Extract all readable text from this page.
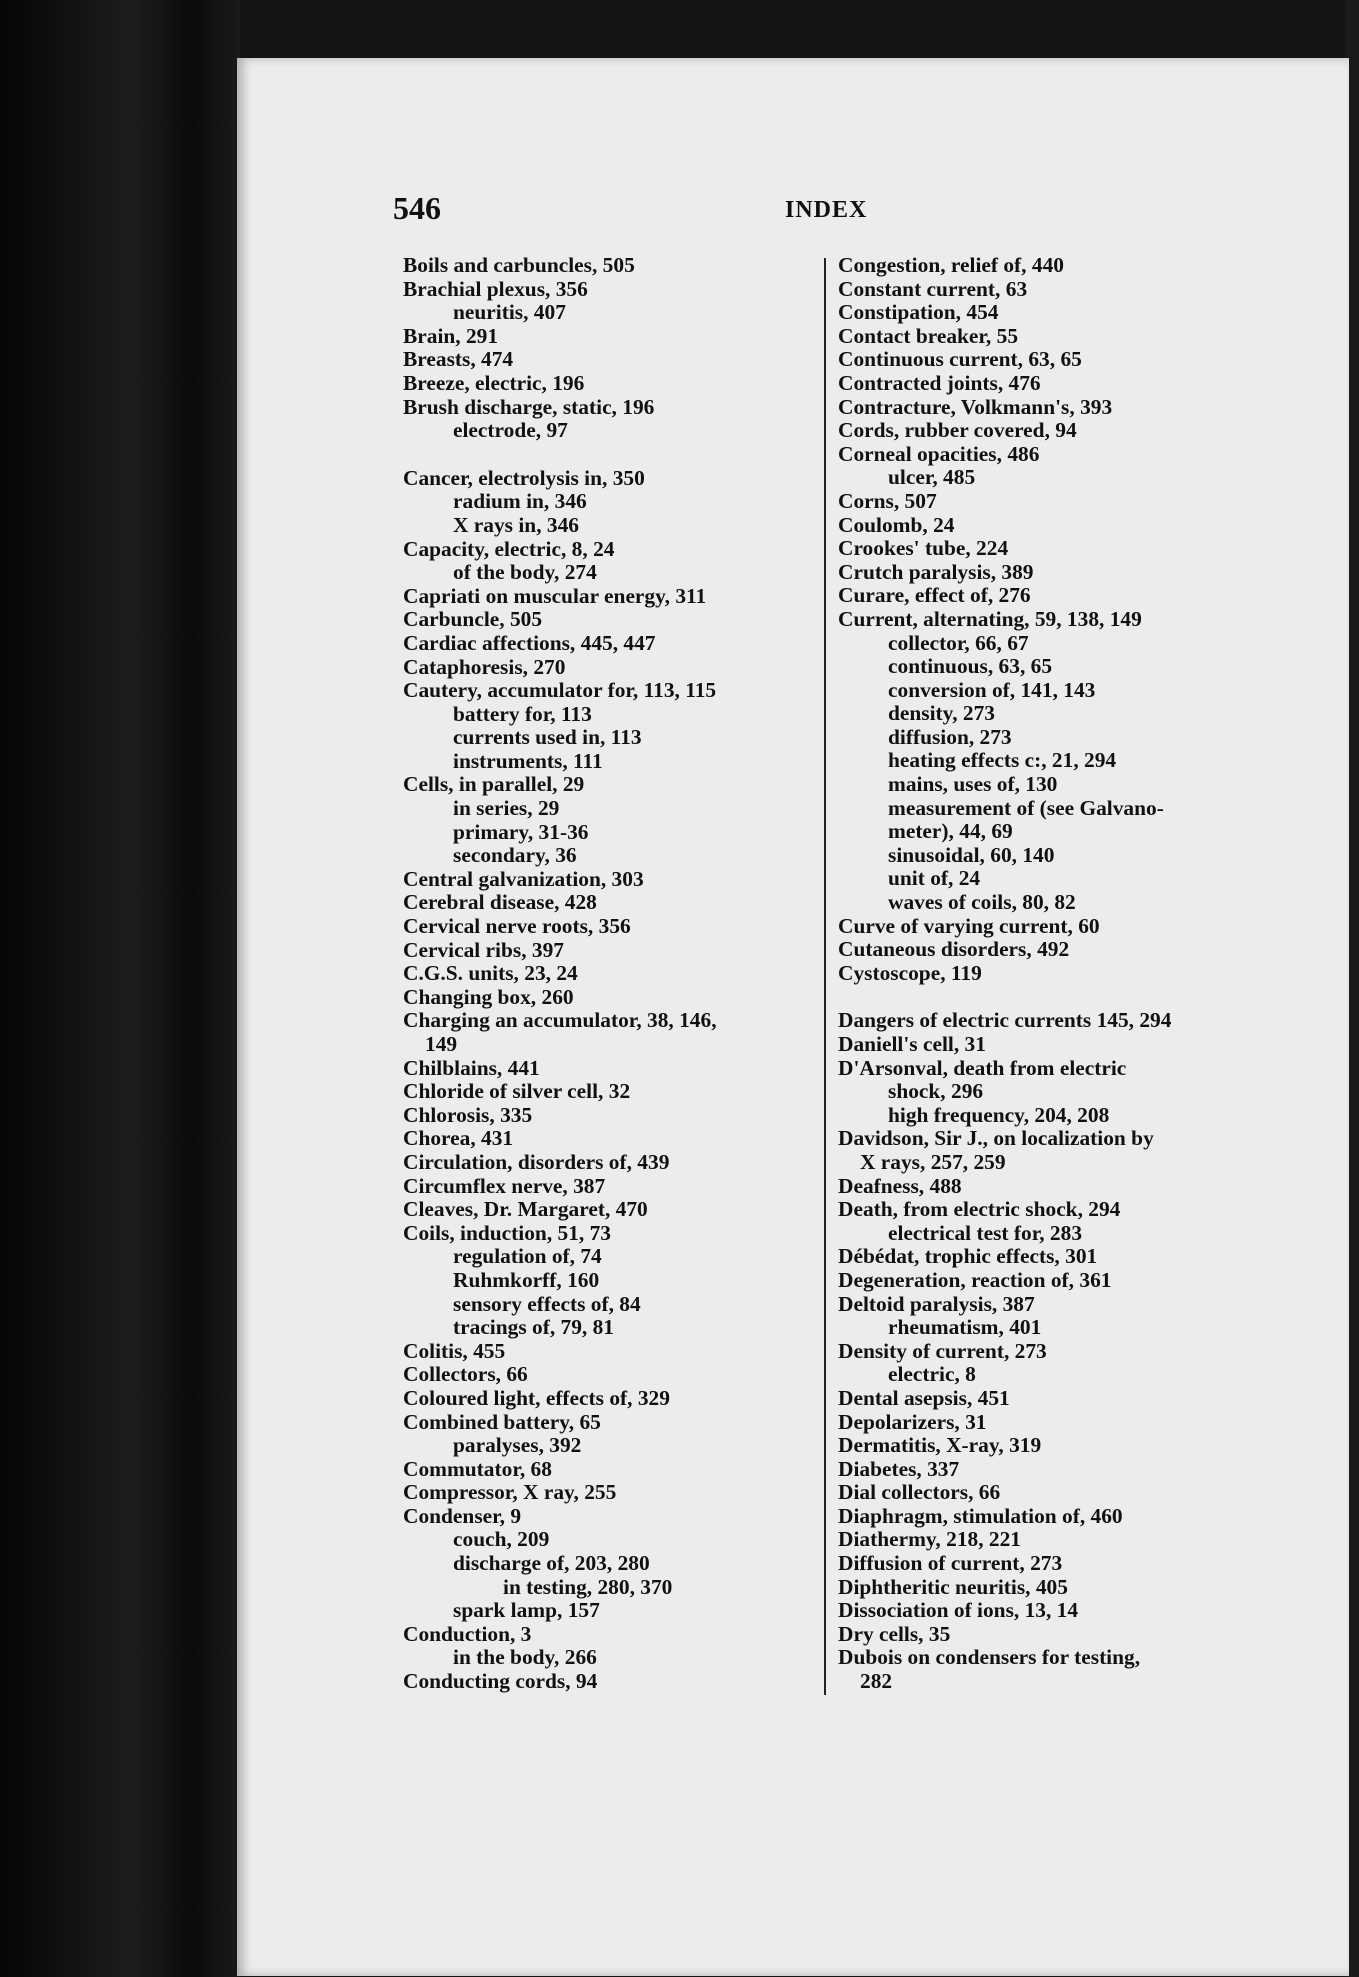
546	INDEX
Boils and carbuncles, 505
Brachial plexus, 356
neuritis, 407
Brain, 291
Breasts, 474
Breeze, electric, 196
Brush discharge, static, 196
electrode, 97
Cancer, electrolysis in, 350
radium in, 346
X rays in, 346
Capacity, electric, 8, 24
of the body, 274
Capriati on muscular energy, 311
Carbuncle, 505
Cardiac affections, 445, 447
Cataphoresis, 270
Cautery, accumulator for, 113, 115
battery for, 113
currents used in, 113
instruments, 111
Cells, in parallel, 29
in series, 29
primary, 31-36
secondary, 36
Central galvanization, 303
Cerebral disease, 428
Cervical nerve roots, 356
Cervical ribs, 397
C.G.S. units, 23, 24
Changing box, 260
Charging an accumulator, 38, 146,
149
Chilblains, 441
Chloride of silver cell, 32
Chlorosis, 335
Chorea, 431
Circulation, disorders of, 439
Circumflex nerve, 387
Cleaves, Dr. Margaret, 470
Coils, induction, 51, 73
regulation of, 74
Ruhmkorff, 160
sensory effects of, 84
tracings of, 79, 81
Colitis, 455
Collectors, 66
Coloured light, effects of, 329
Combined battery, 65
paralyses, 392
Commutator, 68
Compressor, X ray, 255
Condenser, 9
couch, 209
discharge of, 203, 280
in testing, 280, 370
spark lamp, 157
Conduction, 3
in the body, 266
Conducting cords, 94
Congestion, relief of, 440
Constant current, 63
Constipation, 454
Contact breaker, 55
Continuous current, 63, 65
Contracted joints, 476
Contracture, Volkmann's, 393
Cords, rubber covered, 94
Corneal opacities, 486
ulcer, 485
Corns, 507
Coulomb, 24
Crookes' tube, 224
Crutch paralysis, 389
Curare, effect of, 276
Current, alternating, 59, 138, 149
collector, 66, 67
continuous, 63, 65
conversion of, 141, 143
density, 273
diffusion, 273
heating effects c:, 21, 294
mains, uses of, 130
measurement of (see Galvano-
meter), 44, 69
sinusoidal, 60, 140
unit of, 24
waves of coils, 80, 82
Curve of varying current, 60
Cutaneous disorders, 492
Cystoscope, 119
Dangers of electric currents 145, 294
Daniell's cell, 31
D'Arsonval, death from electric
shock, 296
high frequency, 204, 208
Davidson, Sir J., on localization by
X rays, 257, 259
Deafness, 488
Death, from electric shock, 294
electrical test for, 283
Débédat, trophic effects, 301
Degeneration, reaction of, 361
Deltoid paralysis, 387
rheumatism, 401
Density of current, 273
electric, 8
Dental asepsis, 451
Depolarizers, 31
Dermatitis, X-ray, 319
Diabetes, 337
Dial collectors, 66
Diaphragm, stimulation of, 460
Diathermy, 218, 221
Diffusion of current, 273
Diphtheritic neuritis, 405
Dissociation of ions, 13, 14
Dry cells, 35
Dubois on condensers for testing,
282
